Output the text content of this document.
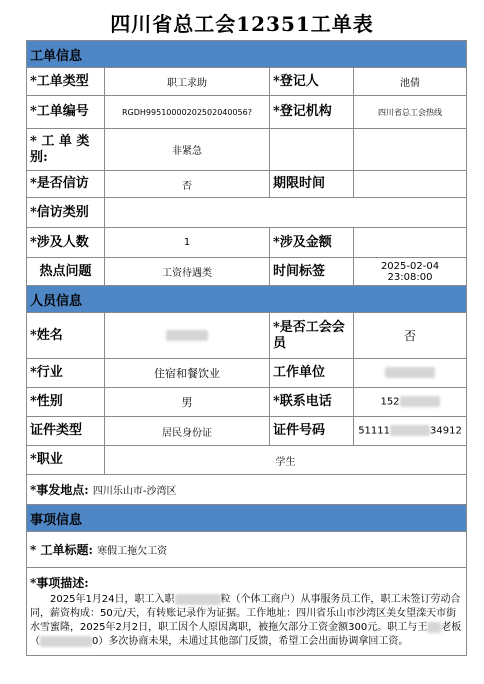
四川省总工会12351工单表
工单信息			
*工单类型	职工求助	*登记人	池倩
*工单编号	RGDH99510000202502040056?	*登记机构	四川省总工会热线
* 工 单 类 别:	非紧急		
*是否信访	否	期限时间	
*信访类别			
*涉及人数	1	*涉及金额	
热点问题	工资待遇类	时间标签	2025-02-04 23:08:00
人员信息			
*姓名		*是否工会会员	否
*行业	住宿和餐饮业	工作单位	
*性别	男	*联系电话	152
证件类型	居民身份证	证件号码	51111 34912
*职业	学生		
*事发地点: 四川乐山市-沙湾区			
事项信息			
* 工单标题: 寒假工拖欠工资			

*事项描述:
2025年1月24日，职工入职 粒（个体工商户）从事服务员工作，职工未签订劳动合同，薪资构成：50元/天，有转账记录作为证据。工作地址：四川省乐山市沙湾区美女望滦天市街水雪蜜隆，2025年2月2日，职工因个人原因离职，被拖欠部分工资金额300元。职工与王 老板（ 0）多次协商未果，未通过其他部门反馈，希望工会出面协调拿回工资。			
